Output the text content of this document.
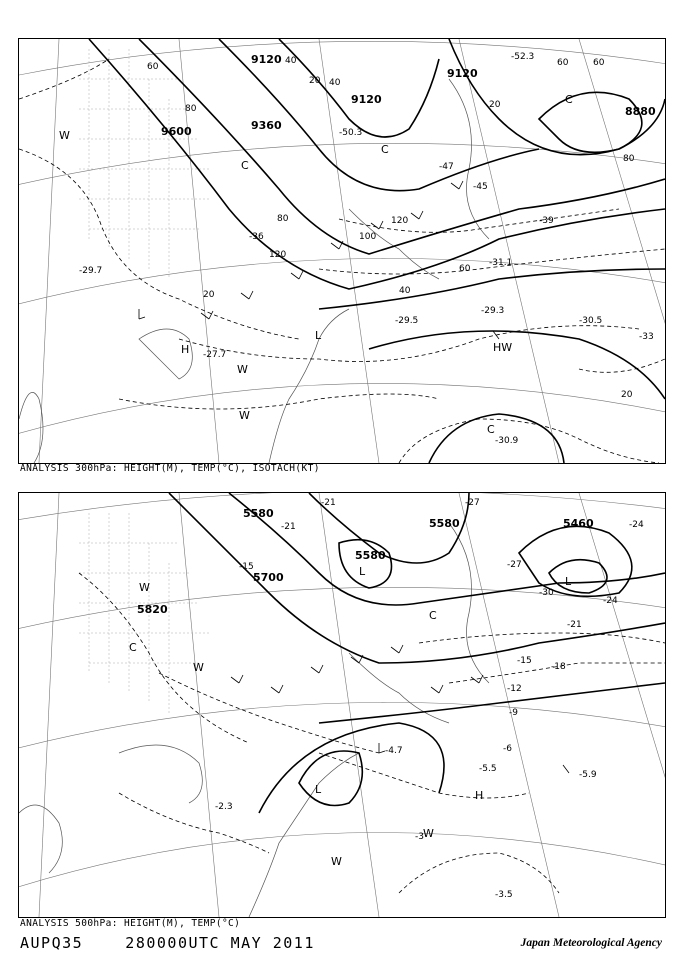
9120
9360
9600
9120
8880
9120
60
80
40
20
120
80
60
40
20
100
120
20
40
60
80
60
20
-50.3
-52.3
-31.1
-27.7
-29.3
-30.5
-29.5
-29.7
-30.9
-33
-45
-47
-39
-36
H
L
C
W
W
W
HW
C
C
C
ANALYSIS 300hPa: HEIGHT(M), TEMP(°C), ISOTACH(KT)
5580
5580
5460
5700
5820
5580
-27
-24
-21
-27
-30
-24
-21
-18
-15
-12
-9
-6
-3
-21
-15
-4.7
-5.9
-5.5
-2.3
-3.5
L
L
L	H
W
W
W
C
C
W
ANALYSIS 500hPa: HEIGHT(M), TEMP(°C)
AUPQ35    280000UTC MAY 2011	Japan Meteorological Agency
